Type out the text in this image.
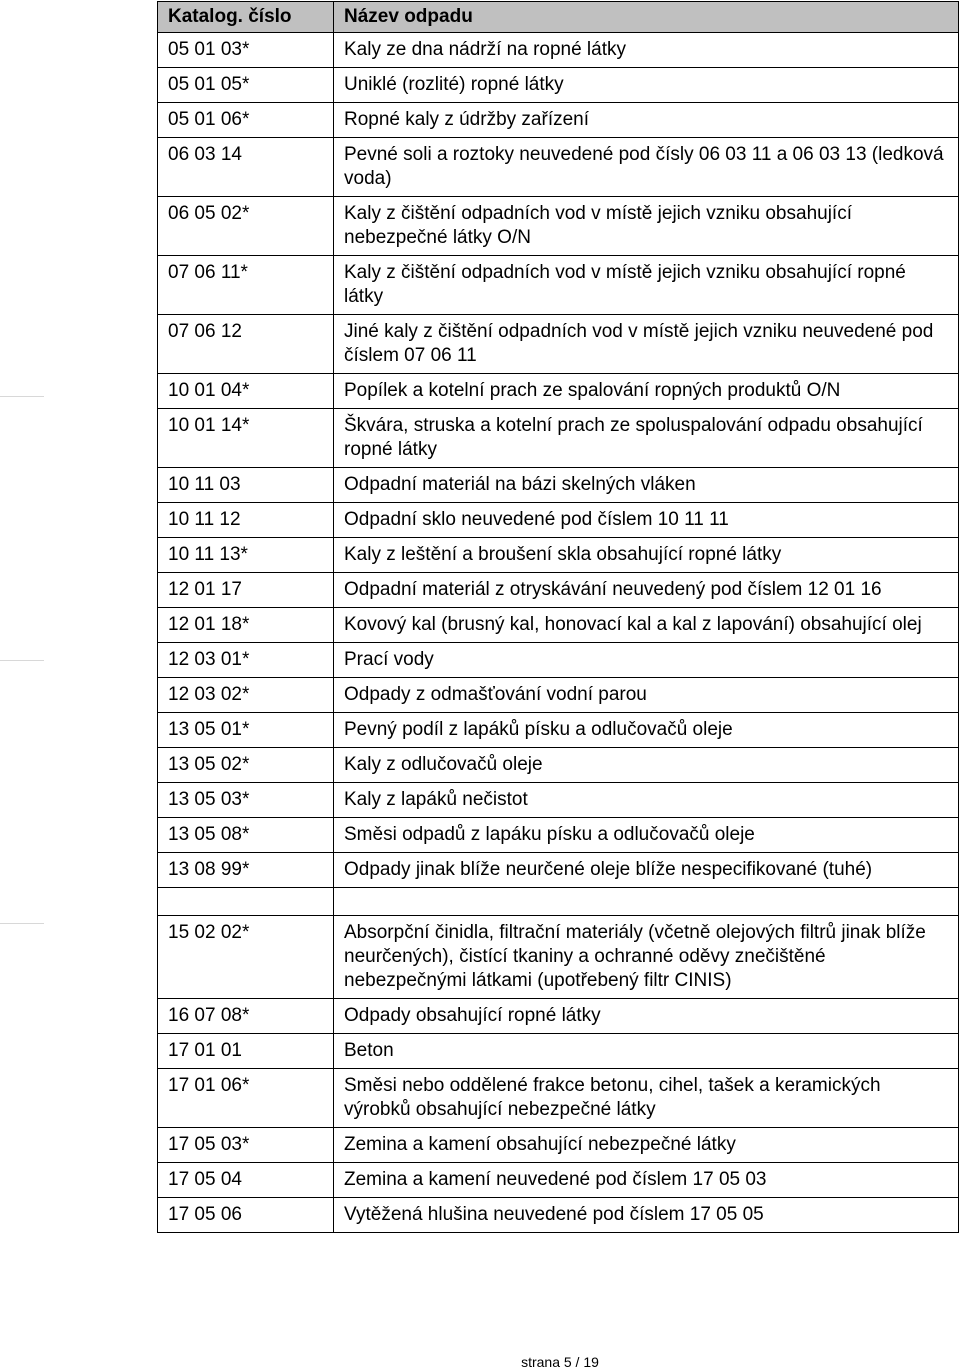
Katalog. číslo	Název odpadu
05 01 03*	Kaly ze dna nádrží na ropné látky
05 01 05*	Uniklé (rozlité) ropné látky
05 01 06*	Ropné kaly z údržby zařízení
06 03 14	Pevné soli a roztoky neuvedené pod čísly 06 03 11 a 06 03 13 (ledková voda)
06 05 02*	Kaly z čištění odpadních vod v místě jejich vzniku obsahující nebezpečné látky O/N
07 06 11*	Kaly z čištění odpadních vod v místě jejich vzniku obsahující ropné látky
07 06 12	Jiné kaly z čištění odpadních vod v místě jejich vzniku neuvedené pod číslem 07 06 11
10 01 04*	Popílek a kotelní prach ze spalování ropných produktů O/N
10 01 14*	Škvára, struska a kotelní prach ze spoluspalování odpadu obsahující ropné látky
10 11 03	Odpadní materiál na bázi skelných vláken
10 11 12	Odpadní sklo neuvedené pod číslem 10 11 11
10 11 13*	Kaly z leštění a broušení skla obsahující ropné látky
12 01 17	Odpadní materiál z otryskávání neuvedený pod číslem 12 01 16
12 01 18*	Kovový kal (brusný kal, honovací kal a kal z lapování) obsahující olej
12 03 01*	Prací vody
12 03 02*	Odpady z odmašťování vodní parou
13 05 01*	Pevný podíl z lapáků písku a odlučovačů oleje
13 05 02*	Kaly z odlučovačů oleje
13 05 03*	Kaly z lapáků nečistot
13 05 08*	Směsi odpadů z lapáku písku a odlučovačů oleje
13 08 99*	Odpady jinak blíže neurčené oleje blíže nespecifikované (tuhé)

15 02 02*	Absorpční činidla, filtrační materiály (včetně olejových filtrů jinak blíže neurčených), čistící tkaniny a ochranné oděvy znečištěné nebezpečnými látkami (upotřebený filtr CINIS)
16 07 08*	Odpady obsahující ropné látky
17 01 01	Beton
17 01 06*	Směsi nebo oddělené frakce betonu, cihel, tašek a keramických výrobků obsahující nebezpečné látky
17 05 03*	Zemina a kamení obsahující nebezpečné látky
17 05 04	Zemina a kamení neuvedené pod číslem 17 05 03
17 05 06	Vytěžená hlušina neuvedené pod číslem 17 05 05
strana 5 / 19
